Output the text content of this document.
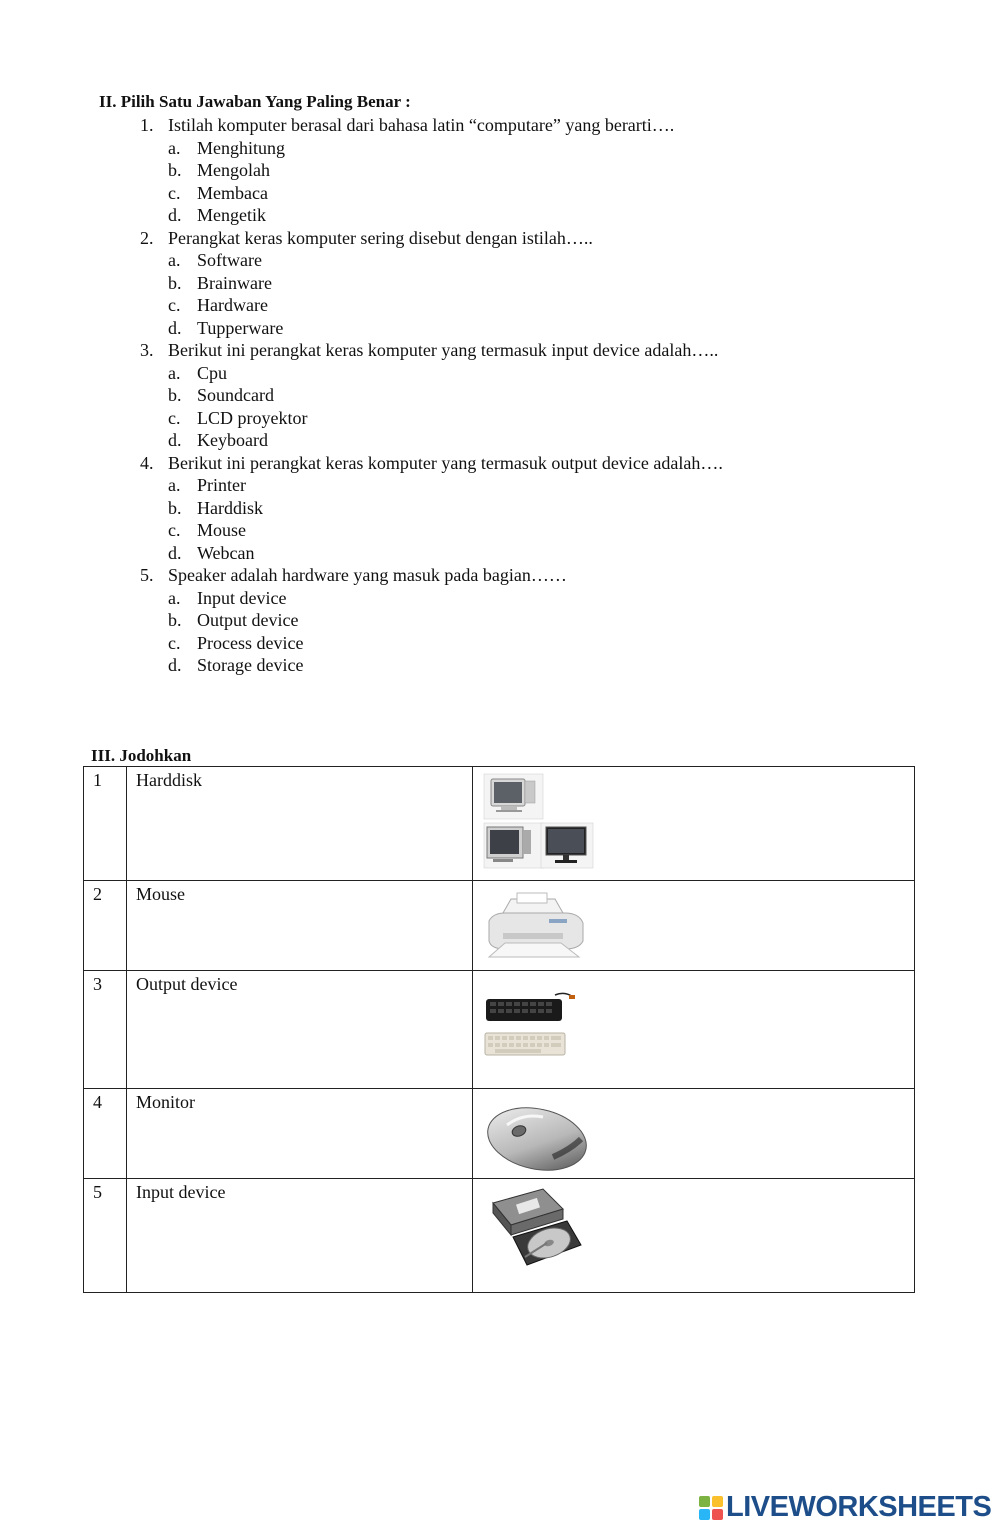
II. Pilih Satu Jawaban Yang Paling Benar :
1. Istilah komputer berasal dari bahasa latin “computare” yang berarti….
a. Menghitung
b. Mengolah
c. Membaca
d. Mengetik
2. Perangkat keras komputer sering disebut dengan istilah…..
a. Software
b. Brainware
c. Hardware
d. Tupperware
3. Berikut ini perangkat keras komputer yang termasuk input device adalah…..
a. Cpu
b. Soundcard
c. LCD proyektor
d. Keyboard
4. Berikut ini perangkat keras komputer yang termasuk output device adalah….
a. Printer
b. Harddisk
c. Mouse
d. Webcan
5. Speaker adalah hardware yang masuk pada bagian……
a. Input device
b. Output device
c. Process device
d. Storage device
III. Jodohkan
1	Harddisk

2	Mouse

3	Output device

4	Monitor

5	Input device

LIVEWORKSHEETS
